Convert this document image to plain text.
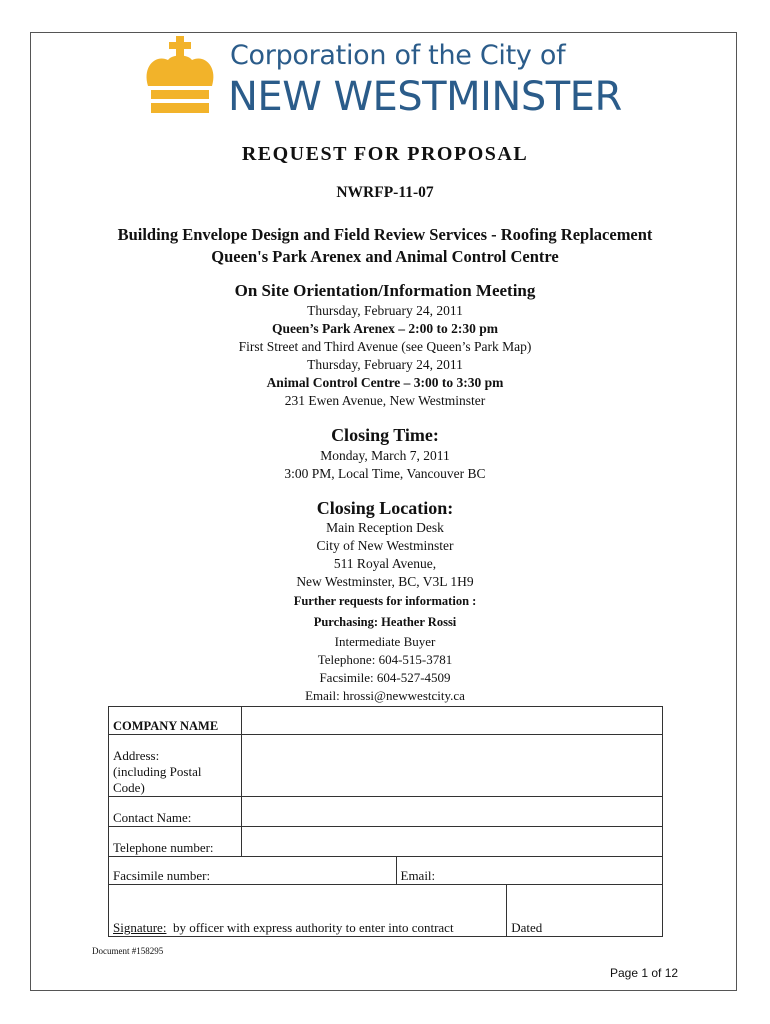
Corporation of the City of
NEW WESTMINSTER
REQUEST FOR PROPOSAL
NWRFP-11-07
Building Envelope Design and Field Review Services - Roofing Replacement
Queen's Park Arenex and Animal Control Centre
On Site Orientation/Information Meeting
Thursday, February 24, 2011
Queen’s Park Arenex – 2:00 to 2:30 pm
First Street and Third Avenue (see Queen’s Park Map)
Thursday, February 24, 2011
Animal Control Centre – 3:00 to 3:30 pm
231 Ewen Avenue, New Westminster
Closing Time:
Monday, March 7, 2011
3:00 PM, Local Time, Vancouver BC
Closing Location:
Main Reception Desk
City of New Westminster
511 Royal Avenue,
New Westminster, BC, V3L 1H9
Further requests for information :
Purchasing: Heather Rossi
Intermediate Buyer
Telephone: 604-515-3781
Facsimile: 604-527-4509
Email: hrossi@newwestcity.ca
COMPANY NAME			

Address:
(including Postal
Code)			

Contact Name:			
Telephone number:			
Facsimile number:		Email:	
Signature: by officer with express authority to enter into contract			Dated
Document #158295
Page 1 of 12
